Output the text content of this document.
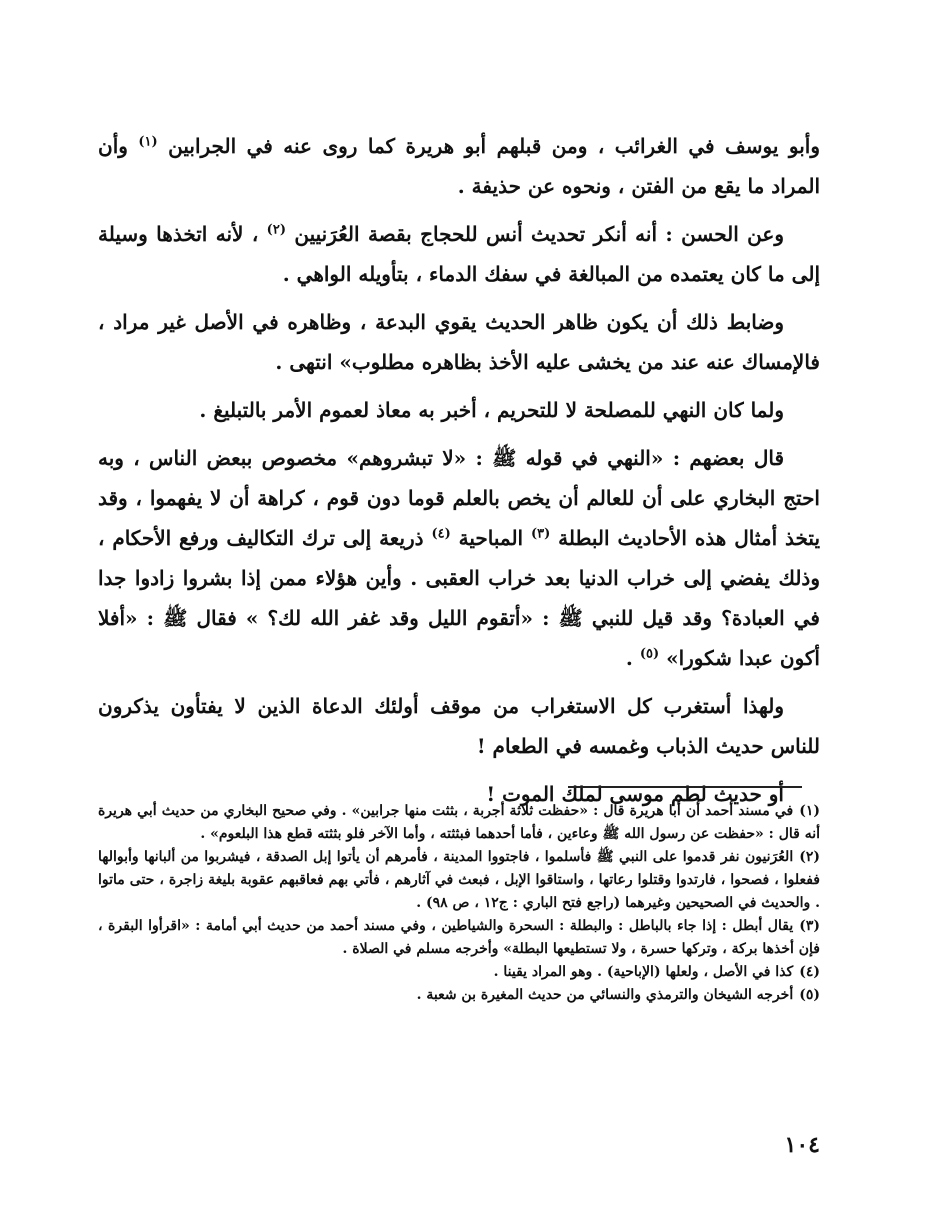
وأبو يوسف في الغرائب ، ومن قبلهم أبو هريرة كما روى عنه في الجرابين $^{(١)}$ وأن المراد ما يقع من الفتن ، ونحوه عن حذيفة .

وعن الحسن : أنه أنكر تحديث أنس للحجاج بقصة العُرَنيين $^{(٢)}$ ، لأنه اتخذها وسيلة إلى ما كان يعتمده من المبالغة في سفك الدماء ، بتأويله الواهي .

وضابط ذلك أن يكون ظاهر الحديث يقوي البدعة ، وظاهره في الأصل غير مراد ، فالإمساك عنه عند من يخشى عليه الأخذ بظاهره مطلوب» انتهى .

ولما كان النهي للمصلحة لا للتحريم ، أخبر به معاذ لعموم الأمر بالتبليغ .

قال بعضهم : «النهي في قوله ﷺ : «لا تبشروهم» مخصوص ببعض الناس ، وبه احتج البخاري على أن للعالم أن يخص بالعلم قوما دون قوم ، كراهة أن لا يفهموا ، وقد يتخذ أمثال هذه الأحاديث البطلة $^{(٣)}$ المباحية $^{(٤)}$ ذريعة إلى ترك التكاليف ورفع الأحكام ، وذلك يفضي إلى خراب الدنيا بعد خراب العقبى . وأين هؤلاء ممن إذا بشروا زادوا جدا في العبادة؟ وقد قيل للنبي ﷺ : «أتقوم الليل وقد غفر الله لك؟ » فقال ﷺ : «أفلا أكون عبدا شكورا» $^{(٥)}$ .

ولهذا أستغرب كل الاستغراب من موقف أولئك الدعاة الذين لا يفتأون يذكرون للناس حديث الذباب وغمسه في الطعام !

أو حديث لطم موسى لملك الموت !

(١)في مسند أحمد أن أبا هريرة قال : «حفظت ثلاثة أجربة ، بثثت منها جرابين» . وفي صحيح البخاري من حديث أبي هريرة أنه قال : «حفظت عن رسول الله ﷺ وعاءين ، فأما أحدهما فبثثته ، وأما الآخر فلو بثثته قطع هذا البلعوم» .

(٢)العُرَنيون نفر قدموا على النبي ﷺ فأسلموا ، فاجتووا المدينة ، فأمرهم أن يأتوا إبل الصدقة ، فيشربوا من ألبانها وأبوالها ففعلوا ، فصحوا ، فارتدوا وقتلوا رعاتها ، واستاقوا الإبل ، فبعث في آثارهم ، فأتي بهم فعاقبهم عقوبة بليغة زاجرة ، حتى ماتوا . والحديث في الصحيحين وغيرهما (راجع فتح الباري : ج١٢ ، ص ٩٨) .

(٣)يقال أبطل : إذا جاء بالباطل : والبطلة : السحرة والشياطين ، وفي مسند أحمد من حديث أبي أمامة : «اقرأوا البقرة ، فإن أخذها بركة ، وتركها حسرة ، ولا تستطيعها البطلة» وأخرجه مسلم في الصلاة .

(٤)كذا في الأصل ، ولعلها (الإباحية) . وهو المراد يقينا .

(٥)أخرجه الشيخان والترمذي والنسائي من حديث المغيرة بن شعبة .

١٠٤
